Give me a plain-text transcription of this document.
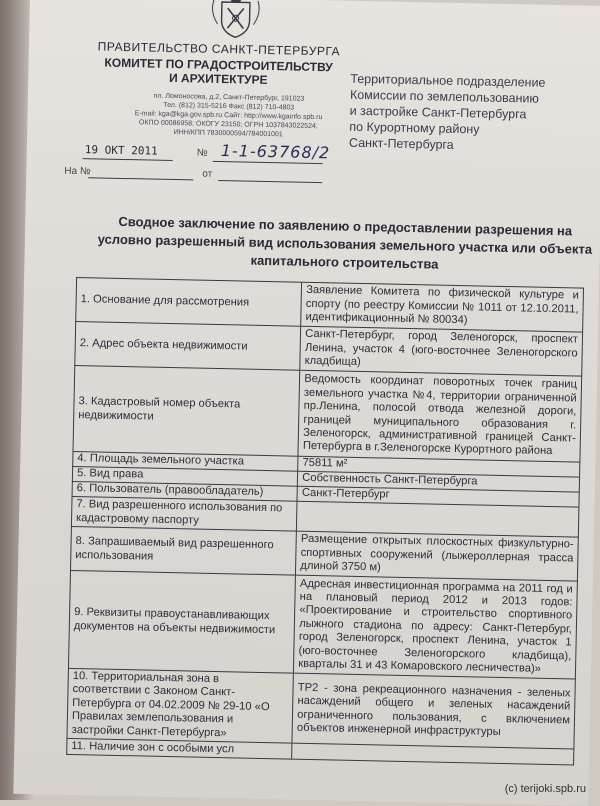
ПРАВИТЕЛЬСТВО САНКТ-ПЕТЕРБУРГА
КОМИТЕТ ПО ГРАДОСТРОИТЕЛЬСТВУ
И АРХИТЕКТУРЕ
пл. Ломоносова, д.2, Санкт-Петербург, 191023
Тел. (812) 315-5216 Факс (812) 710-4803
E-mail: kga@kga.gov.spb.ru Сайт: http://www.kgainfo.spb.ru
ОКПО 00086958; ОКОГУ 23150; ОГРН 1037843022524;
ИНН/КПП 7830000594/784001001
19 ОКТ 2011	№ 1-1-63768/2
На №	от
Территориальное подразделение
Комиссии по землепользованию
и застройке Санкт-Петербурга
по Курортному району
Санкт-Петербурга
Сводное заключение по заявлению о предоставлении разрешения на
условно разрешенный вид использования земельного участка или объекта
капитального строительства
1. Основание для рассмотрения	Заявление Комитета по физической культуре и спорту (по реестру Комиссии № 1011 от 12.10.2011, идентификационный № 80034)
2. Адрес объекта недвижимости	Санкт-Петербург, город Зеленогорск, проспект Ленина, участок 4 (юго-восточнее Зеленогорского кладбища)
3. Кадастровый номер объекта недвижимости	Ведомость координат поворотных точек границ земельного участка №4, территории ограниченной пр.Ленина, полосой отвода железной дороги, границей муниципального образования г. Зеленогорск, административной границей Санкт-Петербурга в г.Зеленогорске Курортного района
4. Площадь земельного участка	75811 м²
5. Вид права	Собственность Санкт-Петербурга
6. Пользователь (правообладатель)	Санкт-Петербург
7. Вид разрешенного использования по кадастровому паспорту	
8. Запрашиваемый вид разрешенного использования	Размещение открытых плоскостных физкультурно-спортивных сооружений (лыжероллерная трасса длиной 3750 м)
9. Реквизиты правоустанавливающих документов на объекты недвижимости	Адресная инвестиционная программа на 2011 год и на плановый период 2012 и 2013 годов: «Проектирование и строительство спортивного лыжного стадиона по адресу: Санкт-Петербург, город Зеленогорск, проспект Ленина, участок 1 (юго-восточнее Зеленогорского кладбища), кварталы 31 и 43 Комаровского лесничества)»
10. Территориальная зона в соответствии с Законом Санкт-Петербурга от 04.02.2009 № 29-10 «О Правилах землепользования и застройки Санкт-Петербурга»	ТР2 - зона рекреационного назначения - зеленых насаждений общего и зеленых насаждений ограниченного пользования, с включением объектов инженерной инфраструктуры
11. Наличие зон с особыми усл	
(c) terijoki.spb.ru
